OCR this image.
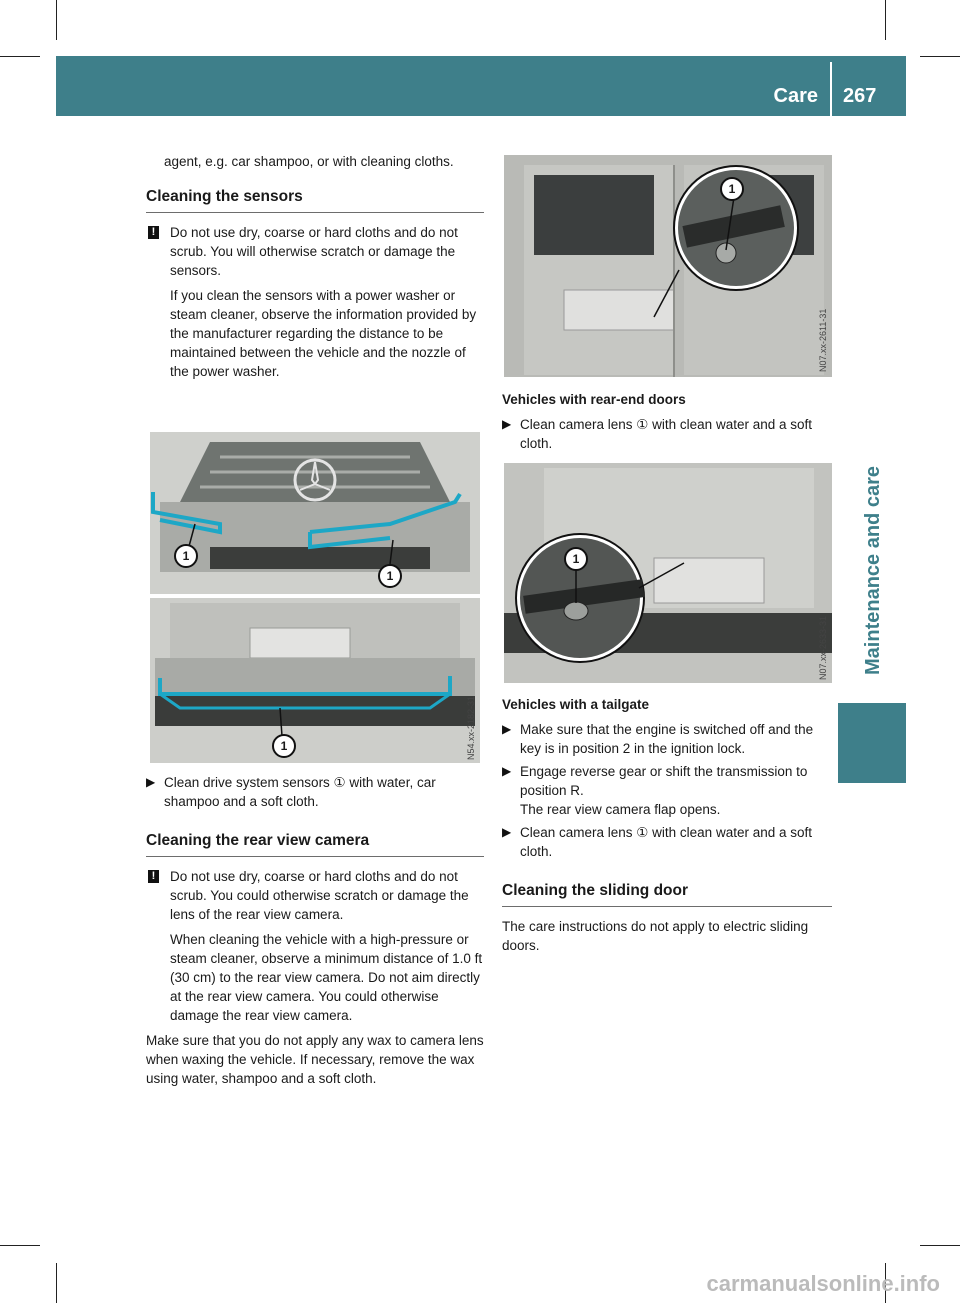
Care 267
Maintenance and care

agent, e.g. car shampoo, or with cleaning cloths.

Cleaning the sensors

! Do not use dry, coarse or hard cloths and do not scrub. You will otherwise scratch or damage the sensors.

If you clean the sensors with a power washer or steam cleaner, observe the information provided by the manufacturer regarding the distance to be maintained between the vehicle and the nozzle of the power washer.

1
1
1	N54.xx-2182-31
▶ Clean drive system sensors ① with water, car shampoo and a soft cloth.

Cleaning the rear view camera

! Do not use dry, coarse or hard cloths and do not scrub. You could otherwise scratch or damage the lens of the rear view camera.

When cleaning the vehicle with a high-pressure or steam cleaner, observe a minimum distance of 1.0 ft (30 cm) to the rear view camera. Do not aim directly at the rear view camera. You could otherwise damage the rear view camera.

Make sure that you do not apply any wax to camera lens when waxing the vehicle. If necessary, remove the wax using water, shampoo and a soft cloth.

1
N07.xx-2611-31

Vehicles with rear-end doors

▶ Clean camera lens ① with clean water and a soft cloth.

1
N07.xx-2633-31

Vehicles with a tailgate

▶ Make sure that the engine is switched off and the key is in position 2 in the ignition lock.

▶ Engage reverse gear or shift the transmission to position R.

The rear view camera flap opens.

▶ Clean camera lens ① with clean water and a soft cloth.

Cleaning the sliding door

The care instructions do not apply to electric sliding doors.

carmanualsonline.info
